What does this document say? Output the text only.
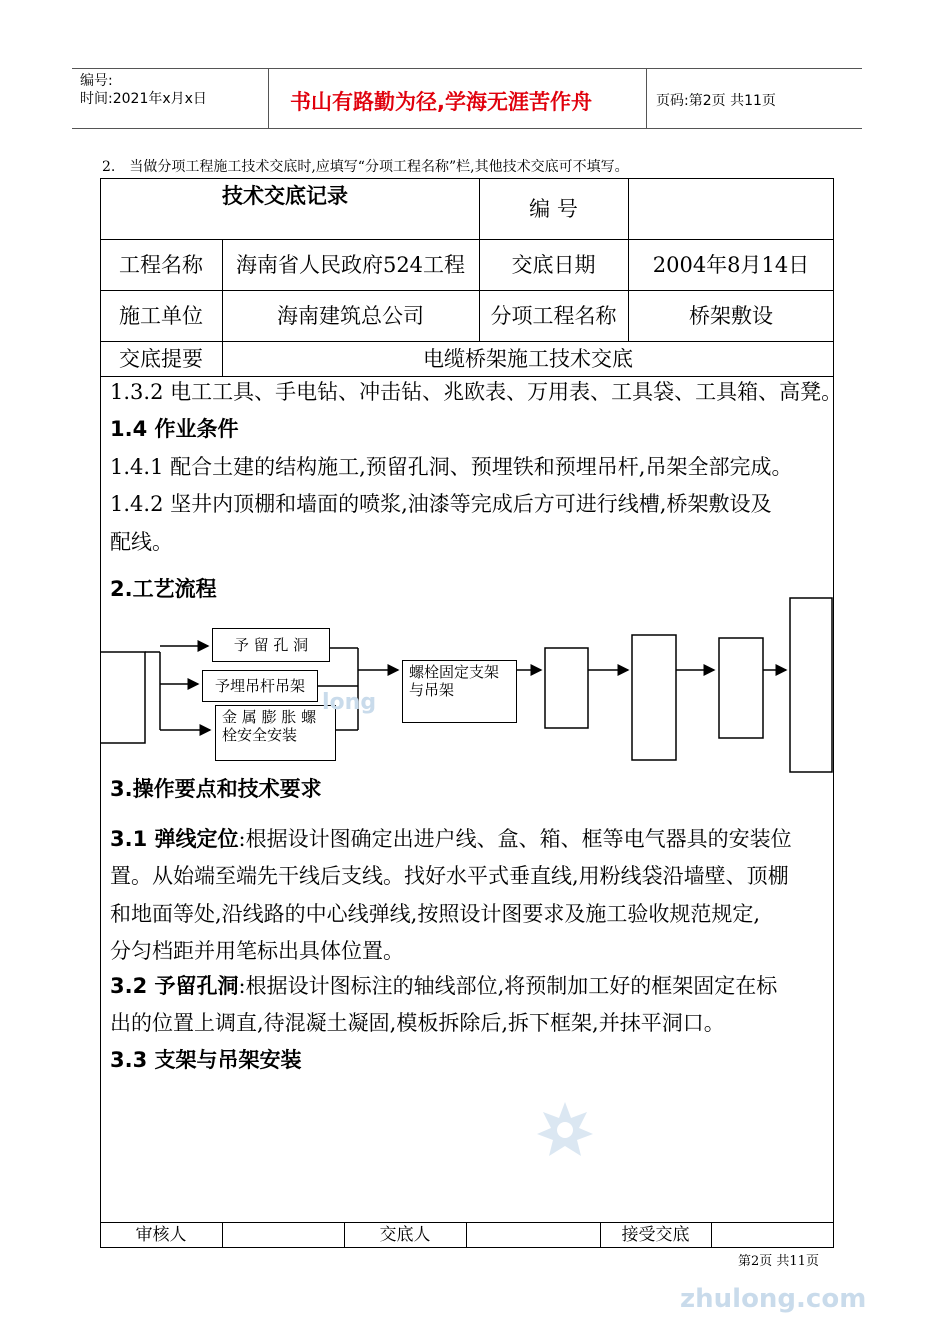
编号:
时间:2021年x月x日	书山有路勤为径,学海无涯苦作舟	页码:第2页 共11页
2.　当做分项工程施工技术交底时,应填写“分项工程名称”栏,其他技术交底可不填写。
技术交底记录
编 号
工程名称	海南省人民政府524工程	交底日期	2004年8月14日
施工单位	海南建筑总公司	分项工程名称	桥架敷设
交底提要	电缆桥架施工技术交底
1.3.2 电工工具、手电钻、冲击钻、兆欧表、万用表、工具袋、工具箱、高凳。
1.4 作业条件
1.4.1 配合土建的结构施工,预留孔洞、预埋铁和预埋吊杆,吊架全部完成。
1.4.2 坚井内顶棚和墙面的喷浆,油漆等完成后方可进行线槽,桥架敷设及
配线。
2.工艺流程
予 留 孔 洞
予埋吊杆吊架
金 属 膨 胀 螺 栓安全安装
螺栓固定支架与吊架
long
3.操作要点和技术要求
3.1 弹线定位:根据设计图确定出进户线、盒、箱、框等电气器具的安装位
置。从始端至端先干线后支线。找好水平式垂直线,用粉线袋沿墙壁、顶棚
和地面等处,沿线路的中心线弹线,按照设计图要求及施工验收规范规定,
分匀档距并用笔标出具体位置。
3.2 予留孔洞:根据设计图标注的轴线部位,将预制加工好的框架固定在标
出的位置上调直,待混凝土凝固,模板拆除后,拆下框架,并抹平洞口。
3.3 支架与吊架安装
审核人	交底人	接受交底
第2页 共11页
zhulong.com
